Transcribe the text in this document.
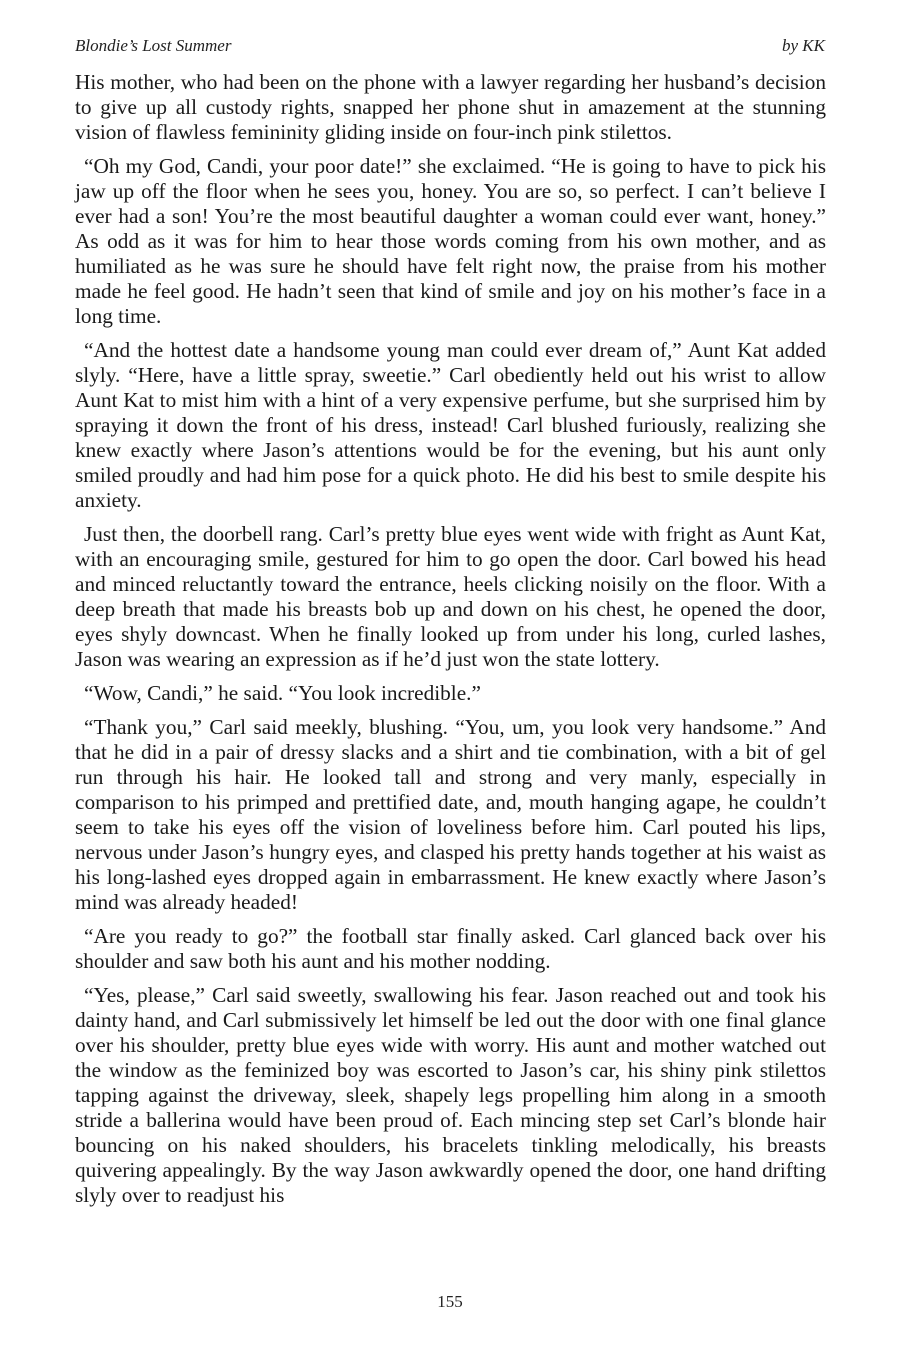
Blondie’s Lost Summer	by KK

His mother, who had been on the phone with a lawyer regarding her husband’s decision to give up all custody rights, snapped her phone shut in amazement at the stunning vision of flawless femininity gliding inside on four-inch pink stilettos.

“Oh my God, Candi, your poor date!” she exclaimed. “He is going to have to pick his jaw up off the floor when he sees you, honey. You are so, so perfect. I can’t believe I ever had a son! You’re the most beautiful daughter a woman could ever want, honey.” As odd as it was for him to hear those words coming from his own mother, and as humiliated as he was sure he should have felt right now, the praise from his mother made he feel good. He hadn’t seen that kind of smile and joy on his mother’s face in a long time.

“And the hottest date a handsome young man could ever dream of,” Aunt Kat added slyly. “Here, have a little spray, sweetie.” Carl obediently held out his wrist to allow Aunt Kat to mist him with a hint of a very expensive perfume, but she surprised him by spraying it down the front of his dress, instead! Carl blushed furiously, realizing she knew exactly where Jason’s attentions would be for the evening, but his aunt only smiled proudly and had him pose for a quick photo. He did his best to smile despite his anxiety.

Just then, the doorbell rang. Carl’s pretty blue eyes went wide with fright as Aunt Kat, with an encouraging smile, gestured for him to go open the door. Carl bowed his head and minced reluctantly toward the entrance, heels clicking noisily on the floor. With a deep breath that made his breasts bob up and down on his chest, he opened the door, eyes shyly downcast. When he finally looked up from under his long, curled lashes, Jason was wearing an expression as if he’d just won the state lottery.

“Wow, Candi,” he said. “You look incredible.”

“Thank you,” Carl said meekly, blushing. “You, um, you look very handsome.” And that he did in a pair of dressy slacks and a shirt and tie combination, with a bit of gel run through his hair. He looked tall and strong and very manly, especially in comparison to his primped and prettified date, and, mouth hanging agape, he couldn’t seem to take his eyes off the vision of loveliness before him. Carl pouted his lips, nervous under Jason’s hungry eyes, and clasped his pretty hands together at his waist as his long-lashed eyes dropped again in embarrassment. He knew exactly where Jason’s mind was already headed!

“Are you ready to go?” the football star finally asked. Carl glanced back over his shoulder and saw both his aunt and his mother nodding.

“Yes, please,” Carl said sweetly, swallowing his fear. Jason reached out and took his dainty hand, and Carl submissively let himself be led out the door with one final glance over his shoulder, pretty blue eyes wide with worry. His aunt and mother watched out the window as the feminized boy was escorted to Jason’s car, his shiny pink stilettos tapping against the driveway, sleek, shapely legs propelling him along in a smooth stride a ballerina would have been proud of. Each mincing step set Carl’s blonde hair bouncing on his naked shoulders, his bracelets tinkling melodically, his breasts quivering appealingly. By the way Jason awkwardly opened the door, one hand drifting slyly over to readjust his

155
